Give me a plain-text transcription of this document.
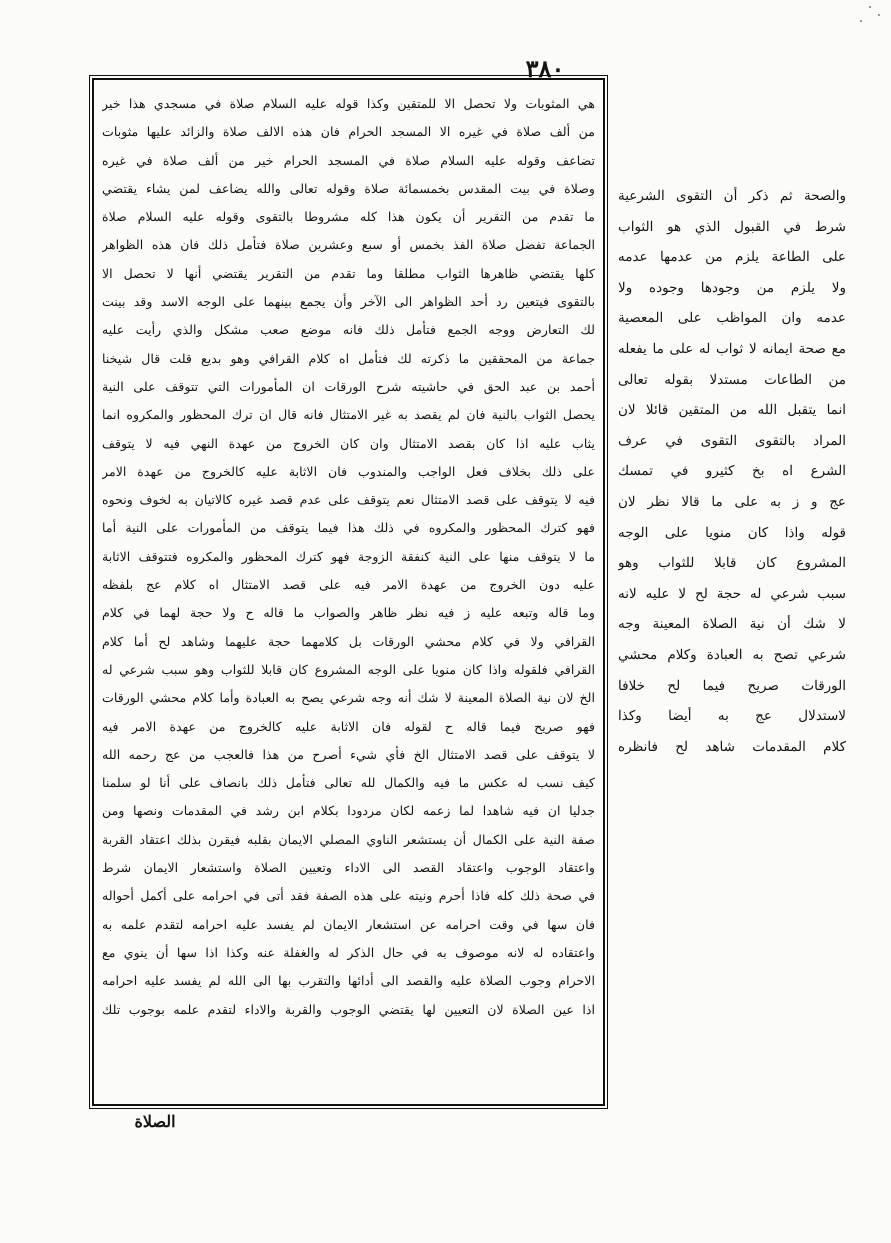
٣٨٠
هي المثوبات ولا تحصل الا للمتقين وكذا قوله عليه السلام صلاة في مسجدي هذا خير
من ألف صلاة في غيره الا المسجد الحرام فان هذه الالف صلاة والزائد عليها مثوبات
تضاعف وقوله عليه السلام صلاة في المسجد الحرام خير من ألف صلاة في غيره
وصلاة في بيت المقدس بخمسمائة صلاة وقوله تعالى والله يضاعف لمن يشاء يقتضي
ما تقدم من التقرير أن يكون هذا كله مشروطا بالتقوى وقوله عليه السلام صلاة
الجماعة تفضل صلاة الفذ بخمس أو سبع وعشرين صلاة فتأمل ذلك فان هذه الظواهر
كلها يقتضي ظاهرها الثواب مطلقا وما تقدم من التقرير يقتضي أنها لا تحصل الا
بالتقوى فيتعين رد أحد الظواهر الى الآخر وأن يجمع بينهما على الوجه الاسد وقد بينت
لك التعارض ووجه الجمع فتأمل ذلك فانه موضع صعب مشكل والذي رأيت عليه
جماعة من المحققين ما ذكرته لك فتأمل اه كلام القرافي وهو بديع قلت قال شيخنا
أحمد بن عبد الحق في حاشيته شرح الورقات ان المأمورات التي تتوقف على النية
يحصل الثواب بالنية فان لم يقصد به غير الامتثال فانه قال ان ترك المحظور والمكروه انما
يثاب عليه اذا كان بقصد الامتثال وان كان الخروج من عهدة النهي فيه لا يتوقف
على ذلك بخلاف فعل الواجب والمندوب فان الاثابة عليه كالخروج من عهدة الامر
فيه لا يتوقف على قصد الامتثال نعم يتوقف على عدم قصد غيره كالاتيان به لخوف ونحوه
فهو كترك المحظور والمكروه في ذلك هذا فيما يتوقف من المأمورات على النية أما
ما لا يتوقف منها على النية كنفقة الزوجة فهو كترك المحظور والمكروه فتتوقف الاثابة
عليه دون الخروج من عهدة الامر فيه على قصد الامتثال اه كلام عج بلفظه
وما قاله وتبعه عليه ز فيه نظر ظاهر والصواب ما قاله ح ولا حجة لهما في كلام
القرافي ولا في كلام محشي الورقات بل كلامهما حجة عليهما وشاهد لح أما كلام
القرافي فلقوله واذا كان منويا على الوجه المشروع كان قابلا للثواب وهو سبب شرعي له
الخ لان نية الصلاة المعينة لا شك أنه وجه شرعي يصح به العبادة وأما كلام محشي الورقات
فهو صريح فيما قاله ح لقوله فان الاثابة عليه كالخروج من عهدة الامر فيه
لا يتوقف على قصد الامتثال الخ فأي شيء أصرح من هذا فالعجب من عج رحمه الله
كيف نسب له عكس ما فيه والكمال لله تعالى فتأمل ذلك بانصاف على أنا لو سلمنا
جدليا ان فيه شاهدا لما زعمه لكان مردودا بكلام ابن رشد في المقدمات ونصها ومن
صفة النية على الكمال أن يستشعر الناوي المصلي الايمان بقلبه فيقرن بذلك اعتقاد القربة
واعتقاد الوجوب واعتقاد القصد الى الاداء وتعيين الصلاة واستشعار الايمان شرط
في صحة ذلك كله فاذا أحرم ونيته على هذه الصفة فقد أتى في احرامه على أكمل أحواله
فان سها في وقت احرامه عن استشعار الايمان لم يفسد عليه احرامه لتقدم علمه به
واعتقاده له لانه موصوف به في حال الذكر له والغفلة عنه وكذا اذا سها أن ينوي مع
الاحرام وجوب الصلاة عليه والقصد الى أدائها والتقرب بها الى الله لم يفسد عليه احرامه
اذا عين الصلاة لان التعيين لها يقتضي الوجوب والقربة والاداء لتقدم علمه بوجوب تلك
والصحة ثم ذكر أن التقوى الشرعية
شرط في القبول الذي هو الثواب
على الطاعة يلزم من عدمها عدمه
ولا يلزم من وجودها وجوده ولا
عدمه وان المواظب على المعصية
مع صحة ايمانه لا ثواب له على ما يفعله
من الطاعات مستدلا بقوله تعالى
انما يتقبل الله من المتقين قائلا لان
المراد بالتقوى التقوى في عرف
الشرع اه بخ كثيرو في تمسك
عج و ز به على ما قالا نظر لان
قوله واذا كان منويا على الوجه
المشروع كان قابلا للثواب وهو
سبب شرعي له حجة لح لا عليه لانه
لا شك أن نية الصلاة المعينة وجه
شرعي تصح به العبادة وكلام محشي
الورقات صريح فيما لح خلافا
لاستدلال عج به أيضا وكذا
كلام المقدمات شاهد لح فانظره
الصلاة
